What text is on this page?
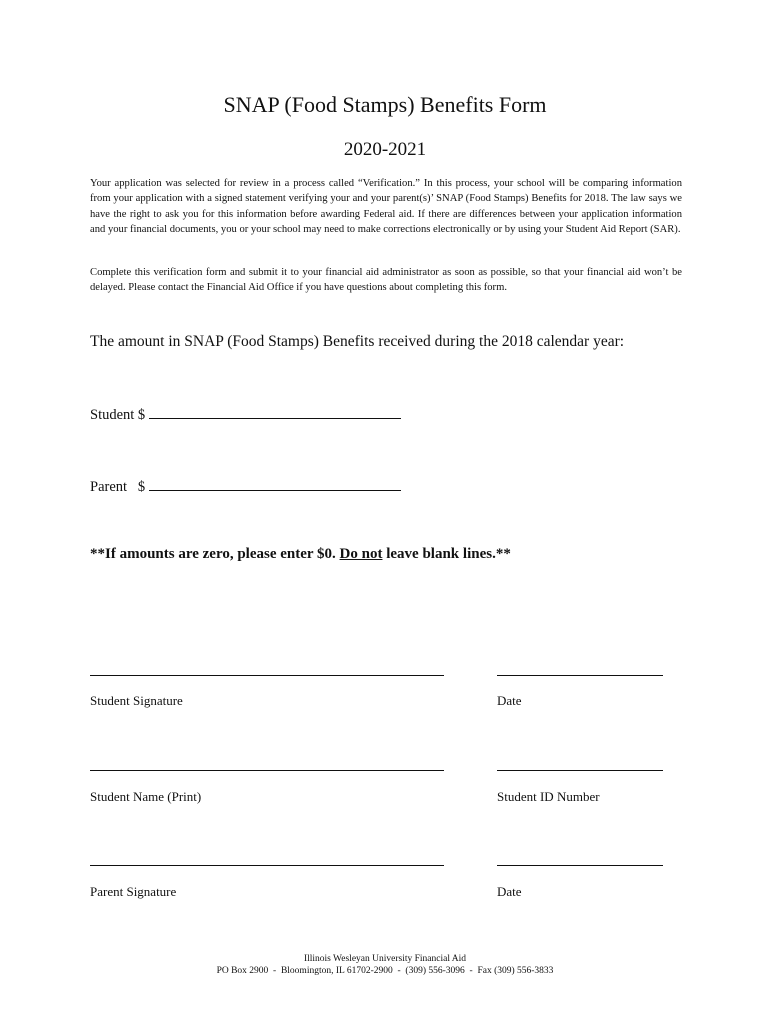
SNAP (Food Stamps) Benefits Form
2020-2021
Your application was selected for review in a process called “Verification.” In this process, your school will be comparing information from your application with a signed statement verifying your and your parent(s)’ SNAP (Food Stamps) Benefits for 2018. The law says we have the right to ask you for this information before awarding Federal aid. If there are differences between your application information and your financial documents, you or your school may need to make corrections electronically or by using your Student Aid Report (SAR).
Complete this verification form and submit it to your financial aid administrator as soon as possible, so that your financial aid won’t be delayed. Please contact the Financial Aid Office if you have questions about completing this form.
The amount in SNAP (Food Stamps) Benefits received during the 2018 calendar year:
Student $
Parent   $
**If amounts are zero, please enter $0. Do not leave blank lines.**
Student Signature	Date
Student Name (Print)	Student ID Number
Parent Signature	Date
Illinois Wesleyan University Financial Aid
PO Box 2900  -  Bloomington, IL 61702-2900  -  (309) 556-3096  -  Fax (309) 556-3833
